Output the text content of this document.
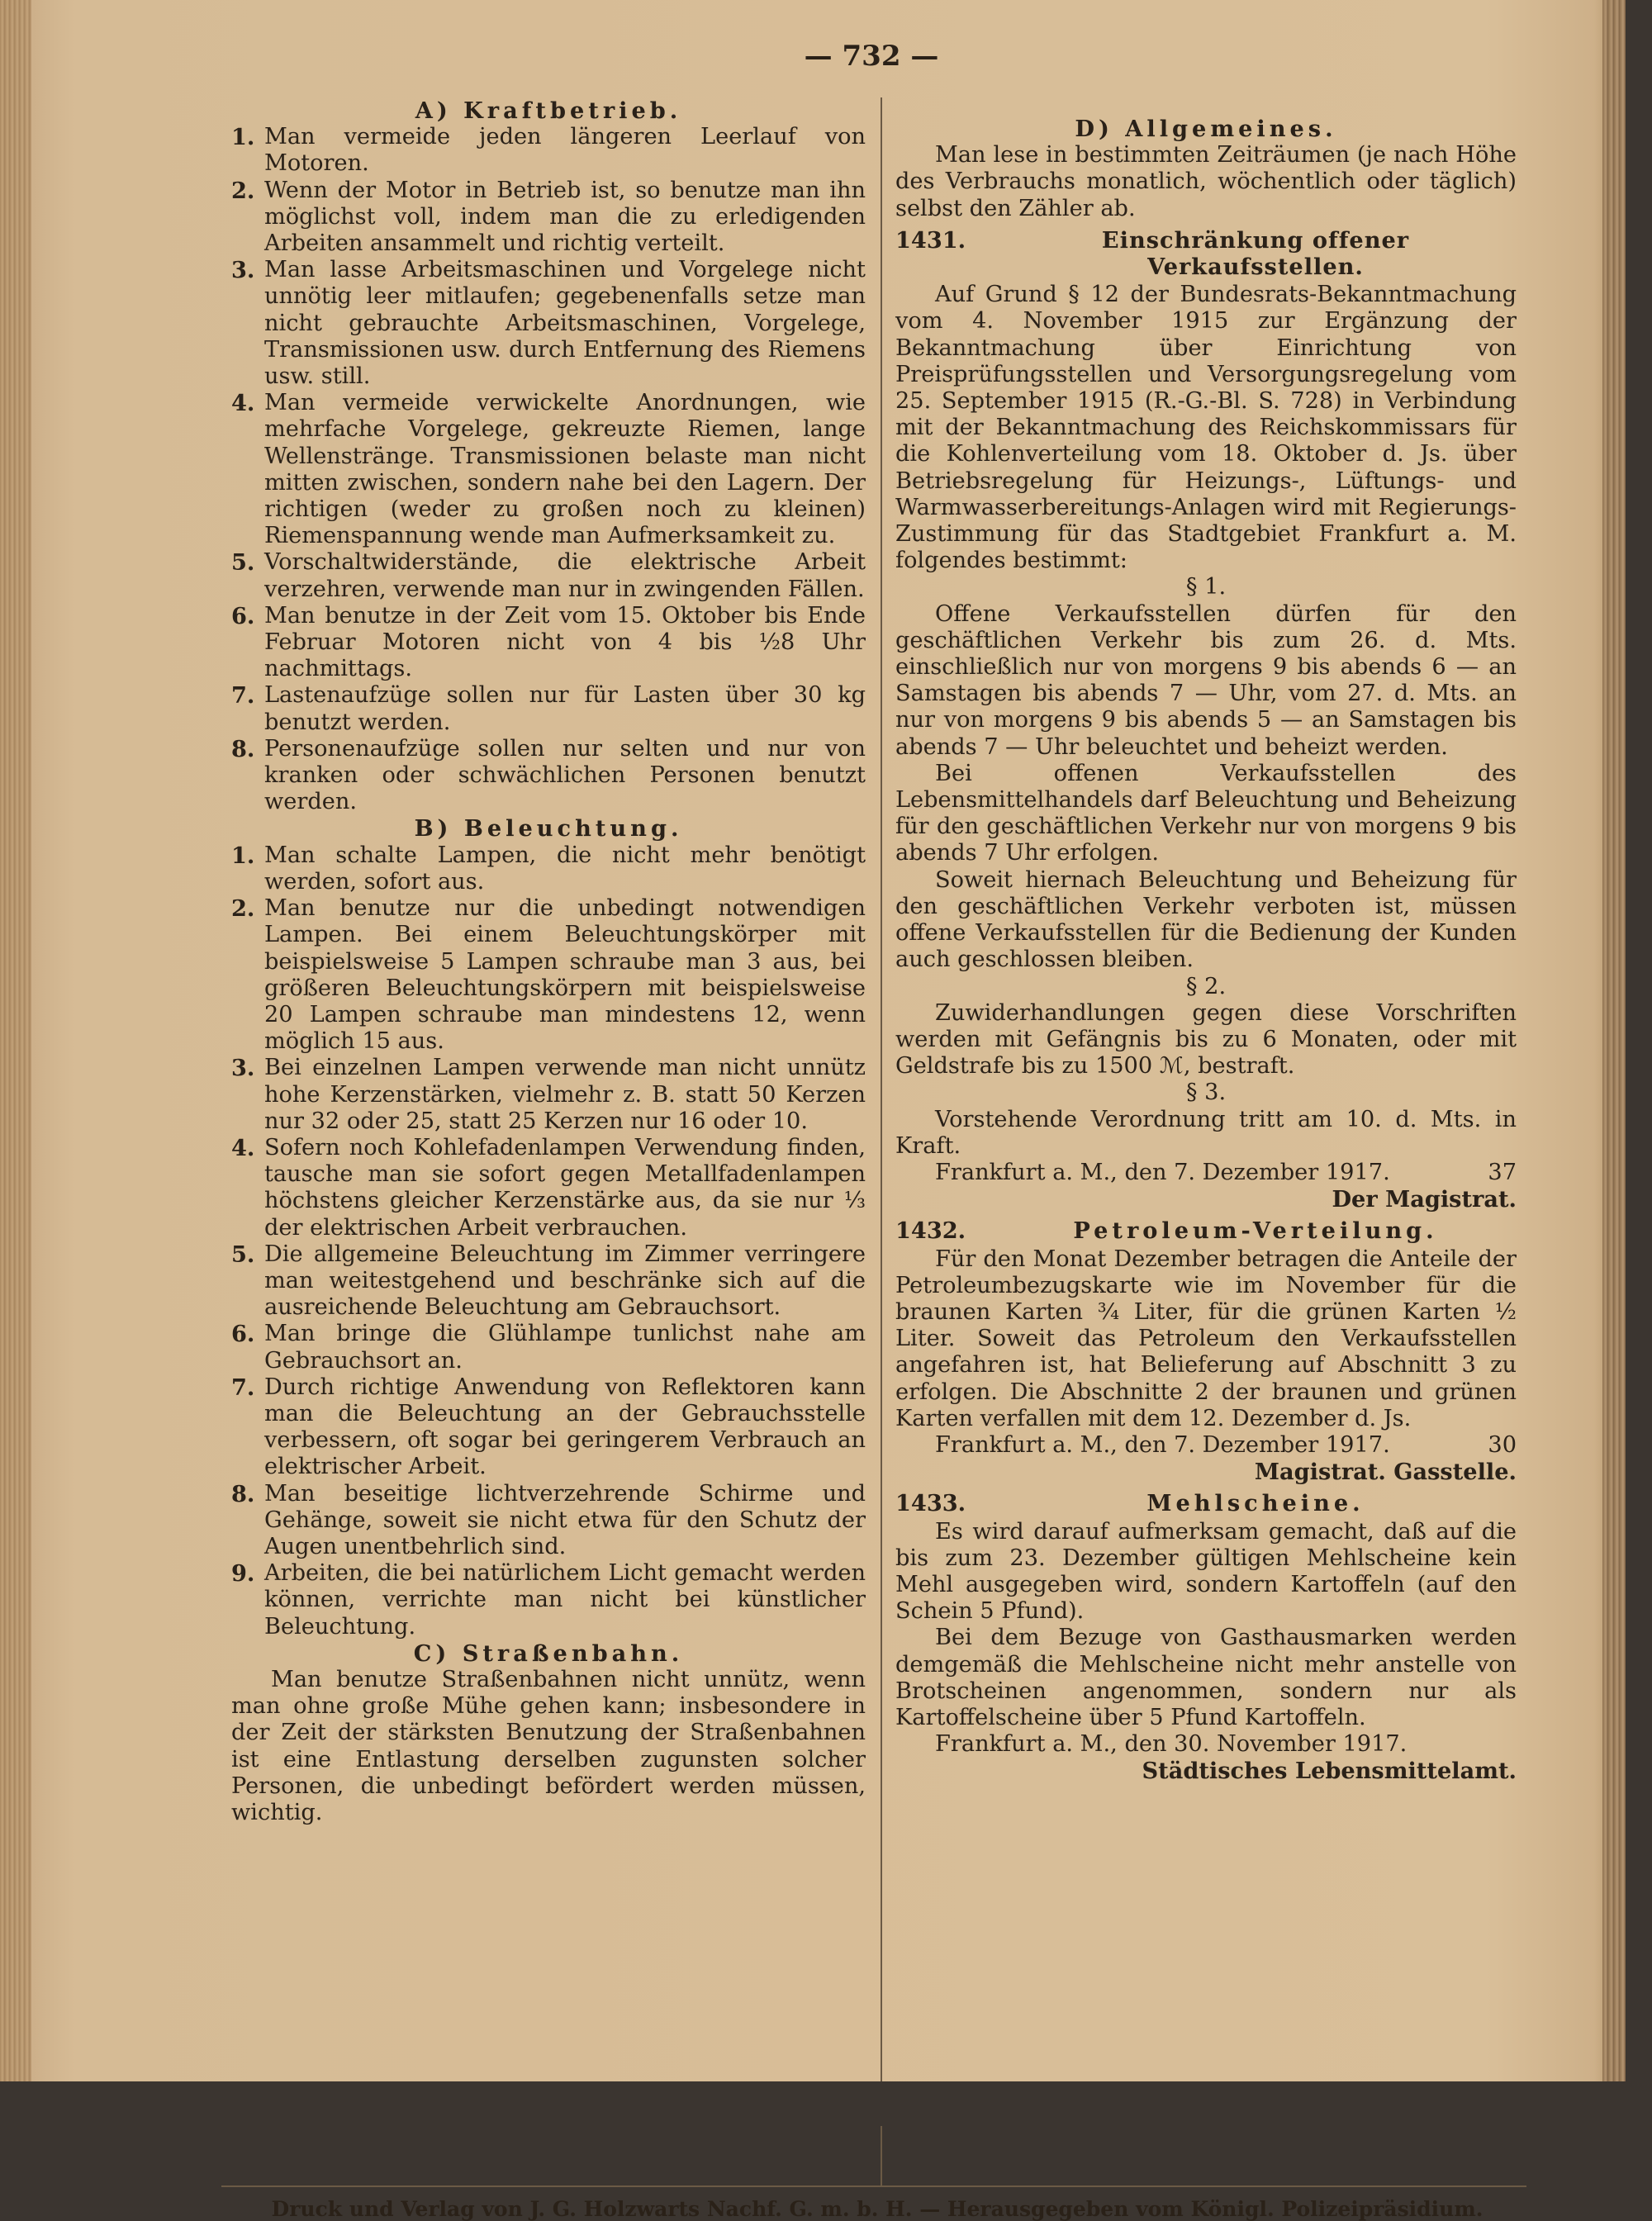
— 732 —

A) Kraftbetrieb.

1. Man vermeide jeden längeren Leerlauf von Motoren.
2. Wenn der Motor in Betrieb ist, so benutze man ihn möglichst voll, indem man die zu erledigenden Arbeiten ansammelt und richtig verteilt.
3. Man lasse Arbeitsmaschinen und Vorgelege nicht unnötig leer mitlaufen; gegebenenfalls setze man nicht gebrauchte Arbeitsmaschinen, Vorgelege, Transmissionen usw. durch Entfernung des Riemens usw. still.
4. Man vermeide verwickelte Anordnungen, wie mehrfache Vorgelege, gekreuzte Riemen, lange Wellenstränge. Transmissionen belaste man nicht mitten zwischen, sondern nahe bei den Lagern. Der richtigen (weder zu großen noch zu kleinen) Riemenspannung wende man Aufmerksamkeit zu.
5. Vorschaltwiderstände, die elektrische Arbeit verzehren, verwende man nur in zwingenden Fällen.
6. Man benutze in der Zeit vom 15. Oktober bis Ende Februar Motoren nicht von 4 bis ½8 Uhr nachmittags.
7. Lastenaufzüge sollen nur für Lasten über 30 kg benutzt werden.
8. Personenaufzüge sollen nur selten und nur von kranken oder schwächlichen Personen benutzt werden.

B) Beleuchtung.

1. Man schalte Lampen, die nicht mehr benötigt werden, sofort aus.
2. Man benutze nur die unbedingt notwendigen Lampen. Bei einem Beleuchtungskörper mit beispielsweise 5 Lampen schraube man 3 aus, bei größeren Beleuchtungskörpern mit beispielsweise 20 Lampen schraube man mindestens 12, wenn möglich 15 aus.
3. Bei einzelnen Lampen verwende man nicht unnütz hohe Kerzenstärken, vielmehr z. B. statt 50 Kerzen nur 32 oder 25, statt 25 Kerzen nur 16 oder 10.
4. Sofern noch Kohlefadenlampen Verwendung finden, tausche man sie sofort gegen Metallfadenlampen höchstens gleicher Kerzenstärke aus, da sie nur ⅓ der elektrischen Arbeit verbrauchen.
5. Die allgemeine Beleuchtung im Zimmer verringere man weitestgehend und beschränke sich auf die ausreichende Beleuchtung am Gebrauchsort.
6. Man bringe die Glühlampe tunlichst nahe am Gebrauchsort an.
7. Durch richtige Anwendung von Reflektoren kann man die Beleuchtung an der Gebrauchsstelle verbessern, oft sogar bei geringerem Verbrauch an elektrischer Arbeit.
8. Man beseitige lichtverzehrende Schirme und Gehänge, soweit sie nicht etwa für den Schutz der Augen unentbehrlich sind.
9. Arbeiten, die bei natürlichem Licht gemacht werden können, verrichte man nicht bei künstlicher Beleuchtung.

C) Straßenbahn.

Man benutze Straßenbahnen nicht unnütz, wenn man ohne große Mühe gehen kann; insbesondere in der Zeit der stärksten Benutzung der Straßenbahnen ist eine Entlastung derselben zugunsten solcher Personen, die unbedingt befördert werden müssen, wichtig.

D) Allgemeines.

Man lese in bestimmten Zeiträumen (je nach Höhe des Verbrauchs monatlich, wöchentlich oder täglich) selbst den Zähler ab.

1431.	Einschränkung offener Verkaufsstellen.

Auf Grund § 12 der Bundesrats-Bekanntmachung vom 4. November 1915 zur Ergänzung der Bekanntmachung über Einrichtung von Preisprüfungsstellen und Versorgungsregelung vom 25. September 1915 (R.-G.-Bl. S. 728) in Verbindung mit der Bekanntmachung des Reichskommissars für die Kohlenverteilung vom 18. Oktober d. Js. über Betriebsregelung für Heizungs-, Lüftungs- und Warmwasserbereitungs-Anlagen wird mit Regierungs-Zustimmung für das Stadtgebiet Frankfurt a. M. folgendes bestimmt:

§ 1.

Offene Verkaufsstellen dürfen für den geschäftlichen Verkehr bis zum 26. d. Mts. einschließlich nur von morgens 9 bis abends 6 — an Samstagen bis abends 7 — Uhr, vom 27. d. Mts. an nur von morgens 9 bis abends 5 — an Samstagen bis abends 7 — Uhr beleuchtet und beheizt werden.

Bei offenen Verkaufsstellen des Lebensmittelhandels darf Beleuchtung und Beheizung für den geschäftlichen Verkehr nur von morgens 9 bis abends 7 Uhr erfolgen.

Soweit hiernach Beleuchtung und Beheizung für den geschäftlichen Verkehr verboten ist, müssen offene Verkaufsstellen für die Bedienung der Kunden auch geschlossen bleiben.

§ 2.

Zuwiderhandlungen gegen diese Vorschriften werden mit Gefängnis bis zu 6 Monaten, oder mit Geldstrafe bis zu 1500 ℳ, bestraft.

§ 3.

Vorstehende Verordnung tritt am 10. d. Mts. in Kraft.

Frankfurt a. M., den 7. Dezember 1917.	37

Der Magistrat.

1432.	Petroleum-Verteilung.

Für den Monat Dezember betragen die Anteile der Petroleumbezugskarte wie im November für die braunen Karten ¾ Liter, für die grünen Karten ½ Liter. Soweit das Petroleum den Verkaufsstellen angefahren ist, hat Belieferung auf Abschnitt 3 zu erfolgen. Die Abschnitte 2 der braunen und grünen Karten verfallen mit dem 12. Dezember d. Js.

Frankfurt a. M., den 7. Dezember 1917.	30

Magistrat. Gasstelle.

1433.	Mehlscheine.

Es wird darauf aufmerksam gemacht, daß auf die bis zum 23. Dezember gültigen Mehlscheine kein Mehl ausgegeben wird, sondern Kartoffeln (auf den Schein 5 Pfund).

Bei dem Bezuge von Gasthausmarken werden demgemäß die Mehlscheine nicht mehr anstelle von Brotscheinen angenommen, sondern nur als Kartoffelscheine über 5 Pfund Kartoffeln.

Frankfurt a. M., den 30. November 1917.

Städtisches Lebensmittelamt.

Druck und Verlag von J. G. Holzwarts Nachf. G. m. b. H. — Herausgegeben vom Königl. Polizeipräsidium.
